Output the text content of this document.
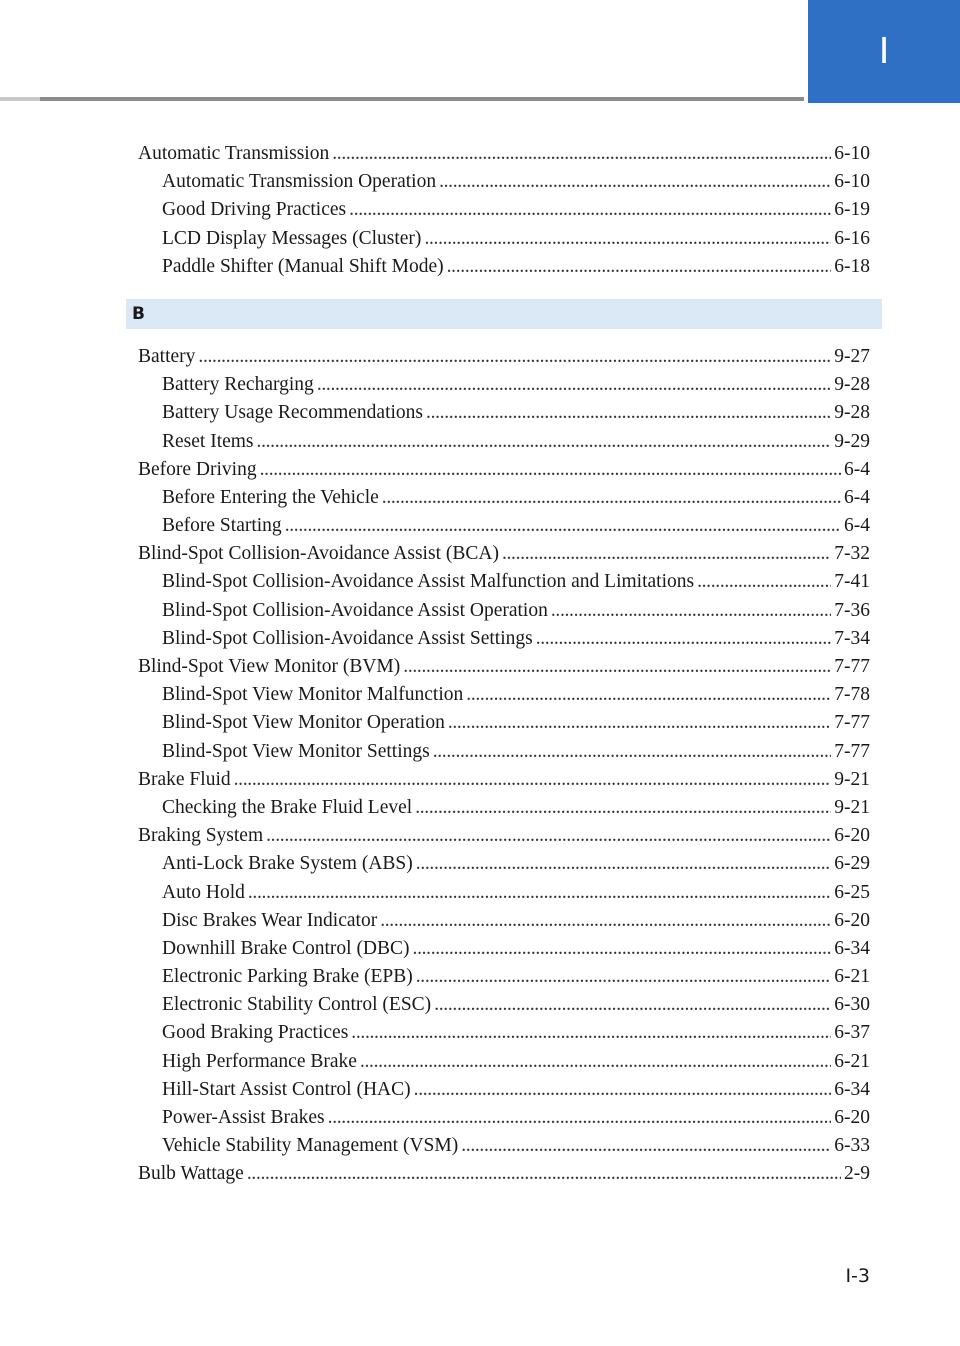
I
Automatic Transmission . . .	6-10
Automatic Transmission Operation . . .	6-10
Good Driving Practices . . .	6-19
LCD Display Messages (Cluster) . . .	6-16
Paddle Shifter (Manual Shift Mode) . . .	6-18
B
Battery . . .	9-27
Battery Recharging . . .	9-28
Battery Usage Recommendations . . .	9-28
Reset Items . . .	9-29
Before Driving . . .	6-4
Before Entering the Vehicle . . .	6-4
Before Starting . . .	6-4
Blind-Spot Collision-Avoidance Assist (BCA) . . .	7-32
Blind-Spot Collision-Avoidance Assist Malfunction and Limitations . . .	7-41
Blind-Spot Collision-Avoidance Assist Operation . . .	7-36
Blind-Spot Collision-Avoidance Assist Settings . . .	7-34
Blind-Spot View Monitor (BVM) . . .	7-77
Blind-Spot View Monitor Malfunction . . .	7-78
Blind-Spot View Monitor Operation . . .	7-77
Blind-Spot View Monitor Settings . . .	7-77
Brake Fluid . . .	9-21
Checking the Brake Fluid Level . . .	9-21
Braking System . . .	6-20
Anti-Lock Brake System (ABS) . . .	6-29
Auto Hold . . .	6-25
Disc Brakes Wear Indicator . . .	6-20
Downhill Brake Control (DBC) . . .	6-34
Electronic Parking Brake (EPB) . . .	6-21
Electronic Stability Control (ESC) . . .	6-30
Good Braking Practices . . .	6-37
High Performance Brake . . .	6-21
Hill-Start Assist Control (HAC) . . .	6-34
Power-Assist Brakes . . .	6-20
Vehicle Stability Management (VSM) . . .	6-33
Bulb Wattage . . .	2-9
I-3
